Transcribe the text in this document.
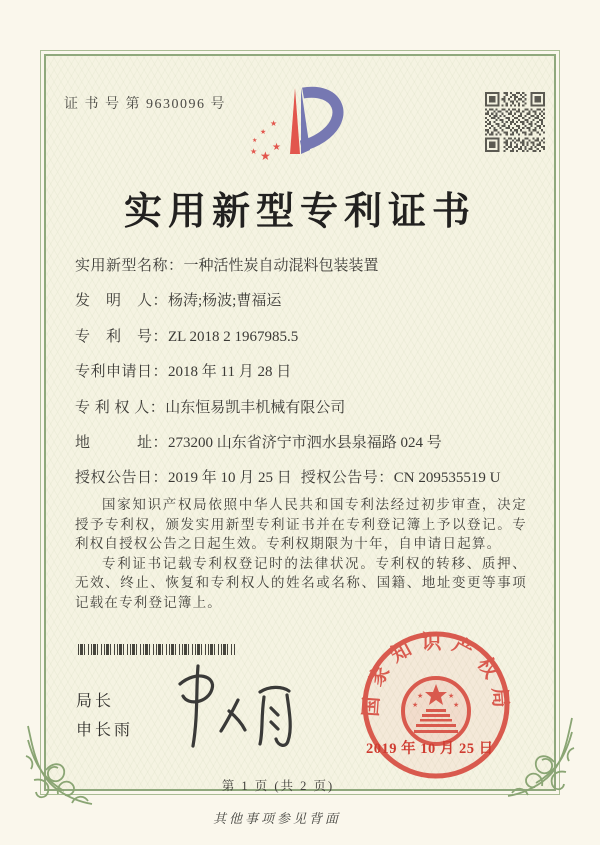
证 书 号 第 9630096 号
★
★
★
★ ★
★
实用新型专利证书
实用新型名称：一种活性炭自动混料包装装置
发　明　人：杨涛;杨波;曹福运
专　利　号：ZL 2018 2 1967985.5
专利申请日：2018 年 11 月 28 日
专 利 权 人：山东恒易凯丰机械有限公司
地　　　址：273200 山东省济宁市泗水县泉福路 024 号
授权公告日：2019 年 10 月 25 日 授权公告号：CN 209535519 U

国家知识产权局依照中华人民共和国专利法经过初步审查，决定授予专利权，颁发实用新型专利证书并在专利登记簿上予以登记。专利权自授权公告之日起生效。专利权期限为十年，自申请日起算。

专利证书记载专利权登记时的法律状况。专利权的转移、质押、无效、终止、恢复和专利权人的姓名或名称、国籍、地址变更等事项记载在专利登记簿上。

局长
申长雨
国家知识产权局
★	★
★	★
2019 年 10 月 25 日
第 1 页 (共 2 页)
其他事项参见背面
